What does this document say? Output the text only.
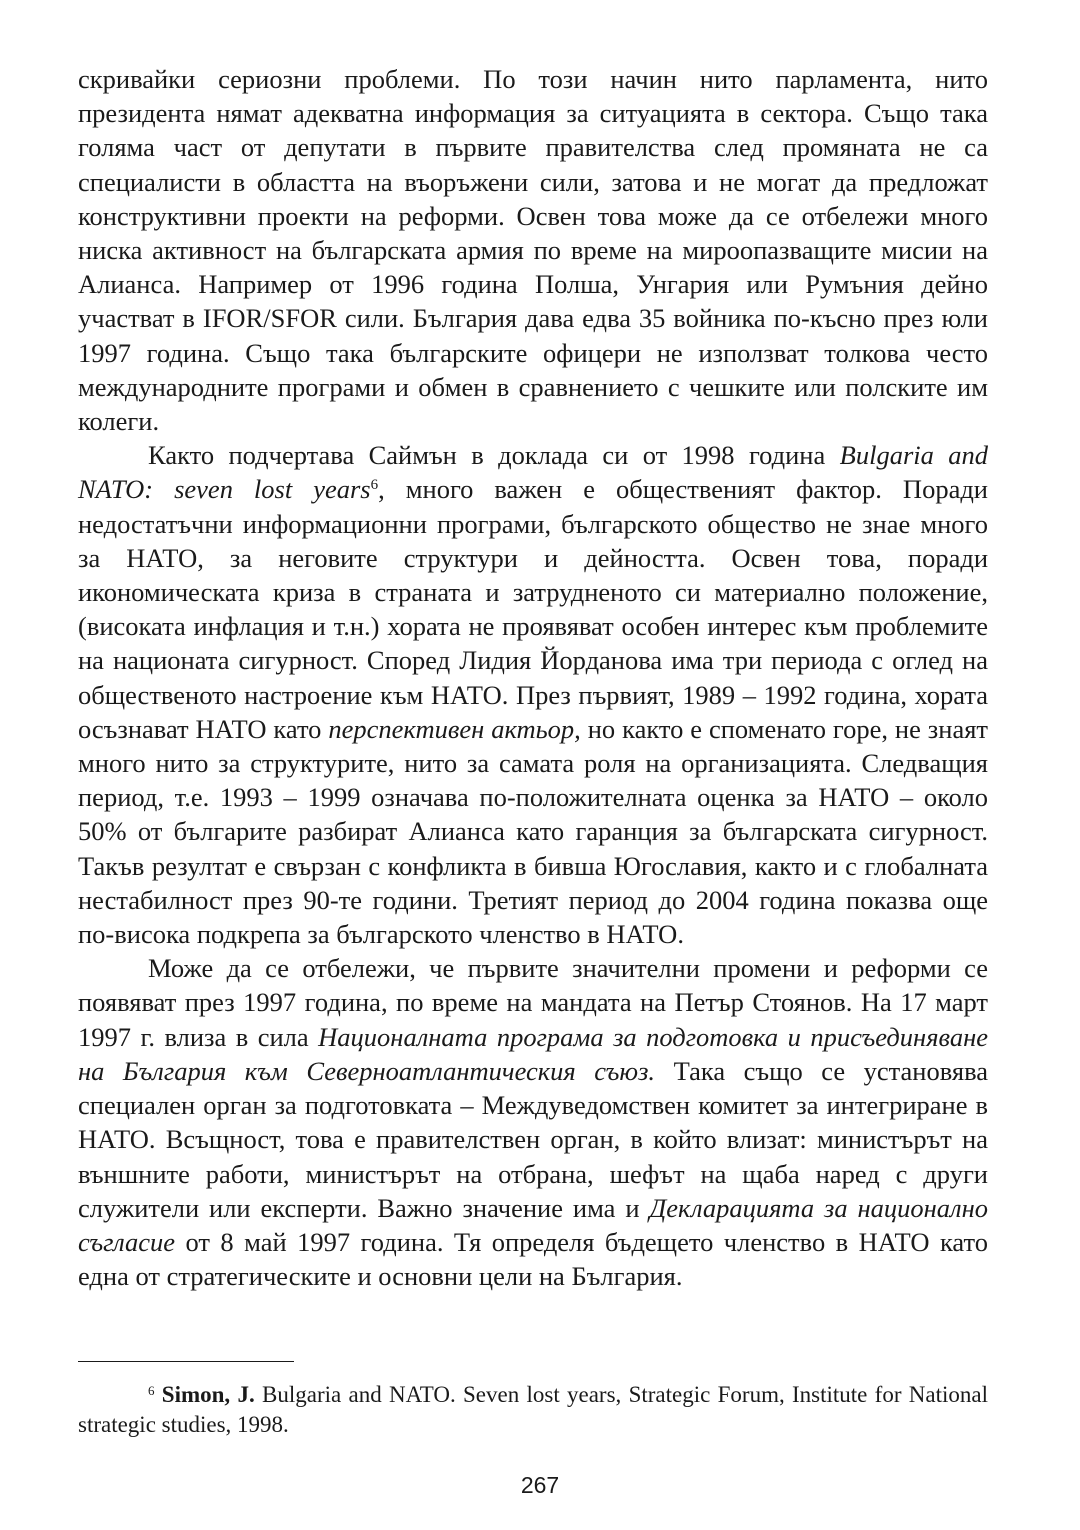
скривайки сериозни проблеми. По този начин нито парламента, нито президента нямат адекватна информация за ситуацията в сектора. Също така голяма част от депутати в първите правителства след промяната не са специалисти в областта на въоръжени сили, затова и не могат да предложат конструктивни проекти на реформи. Освен това може да се отбележи много ниска активност на българската армия по време на мироопазващите мисии на Алианса. Например от 1996 година Полша, Унгария или Румъния дейно участват в IFOR/SFOR сили. България дава едва 35 войника по-късно през юли 1997 година. Също така българските офицери не използват толкова често международните програми и обмен в сравнението с чешките или полските им колеги.

Както подчертава Саймън в доклада си от 1998 година Bulgaria and NATO: seven lost years$^6$, много важен е общественият фактор. Поради недостатъчни информационни програми, българското общество не знае много за НАТО, за неговите структури и дейността. Освен това, поради икономическата криза в страната и затрудненото си материално положение, (високата инфлация и т.н.) хората не проявяват особен интерес към проблемите на национата сигурност. Според Лидия Йорданова има три периода с оглед на общественото настроение към НАТО. През първият, 1989 – 1992 година, хората осъзнават НАТО като перспективен актьор, но както е споменато горе, не знаят много нито за структурите, нито за самата роля на организацията. Следващия период, т.е. 1993 – 1999 означава по-положителната оценка за НАТО – около 50% от българите разбират Алианса като гаранция за българската сигурност. Такъв резултат е свързан с конфликта в бивша Югославия, както и с глобалната нестабилност през 90-те години. Третият период до 2004 година показва още по-висока подкрепа за българското членство в НАТО.

Може да се отбележи, че първите значителни промени и реформи се появяват през 1997 година, по време на мандата на Петър Стоянов. На 17 март 1997 г. влиза в сила Националната програма за подготовка и присъединяване на България към Северноатлантическия съюз. Така също се установява специален орган за подготовката – Междуведомствен комитет за интегриране в НАТО. Всъщност, това е правителствен орган, в който влизат: министърът на външните работи, министърът на отбрана, шефът на щаба наред с други служители или експерти. Важно значение има и Декларацията за национално съгласие от 8 май 1997 година. Тя определя бъдещето членство в НАТО като една от стратегическите и основни цели на България.

$^6$ Simon, J. Bulgaria and NATO. Seven lost years, Strategic Forum, Institute for National strategic studies, 1998.

267
